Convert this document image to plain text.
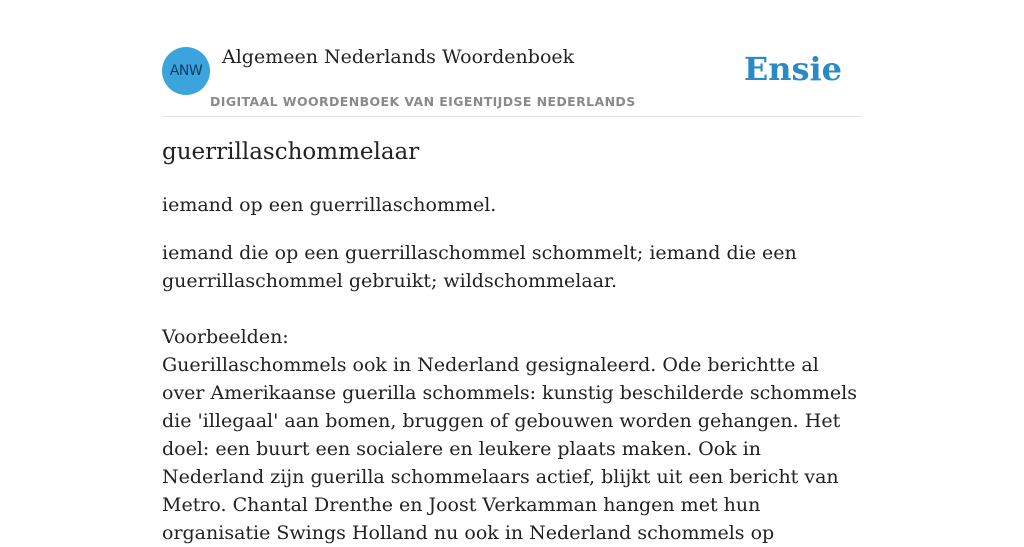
ANW
Algemeen Nederlands Woordenboek
DIGITAAL WOORDENBOEK VAN EIGENTIJDSE NEDERLANDS
Ensie
guerrillaschommelaar

iemand op een guerrillaschommel.

iemand die op een guerrillaschommel schommelt; iemand die een guerrillaschommel gebruikt; wildschommelaar.

Voorbeelden:

Guerillaschommels ook in Nederland gesignaleerd. Ode berichtte al over Amerikaanse guerilla schommels: kunstig beschilderde schommels die 'illegaal' aan bomen, bruggen of gebouwen worden gehangen. Het doel: een buurt een socialere en leukere plaats maken. Ook in Nederland zijn guerilla schommelaars actief, blijkt uit een bericht van Metro. Chantal Drenthe en Joost Verkamman hangen met hun organisatie Swings Holland nu ook in Nederland schommels op
